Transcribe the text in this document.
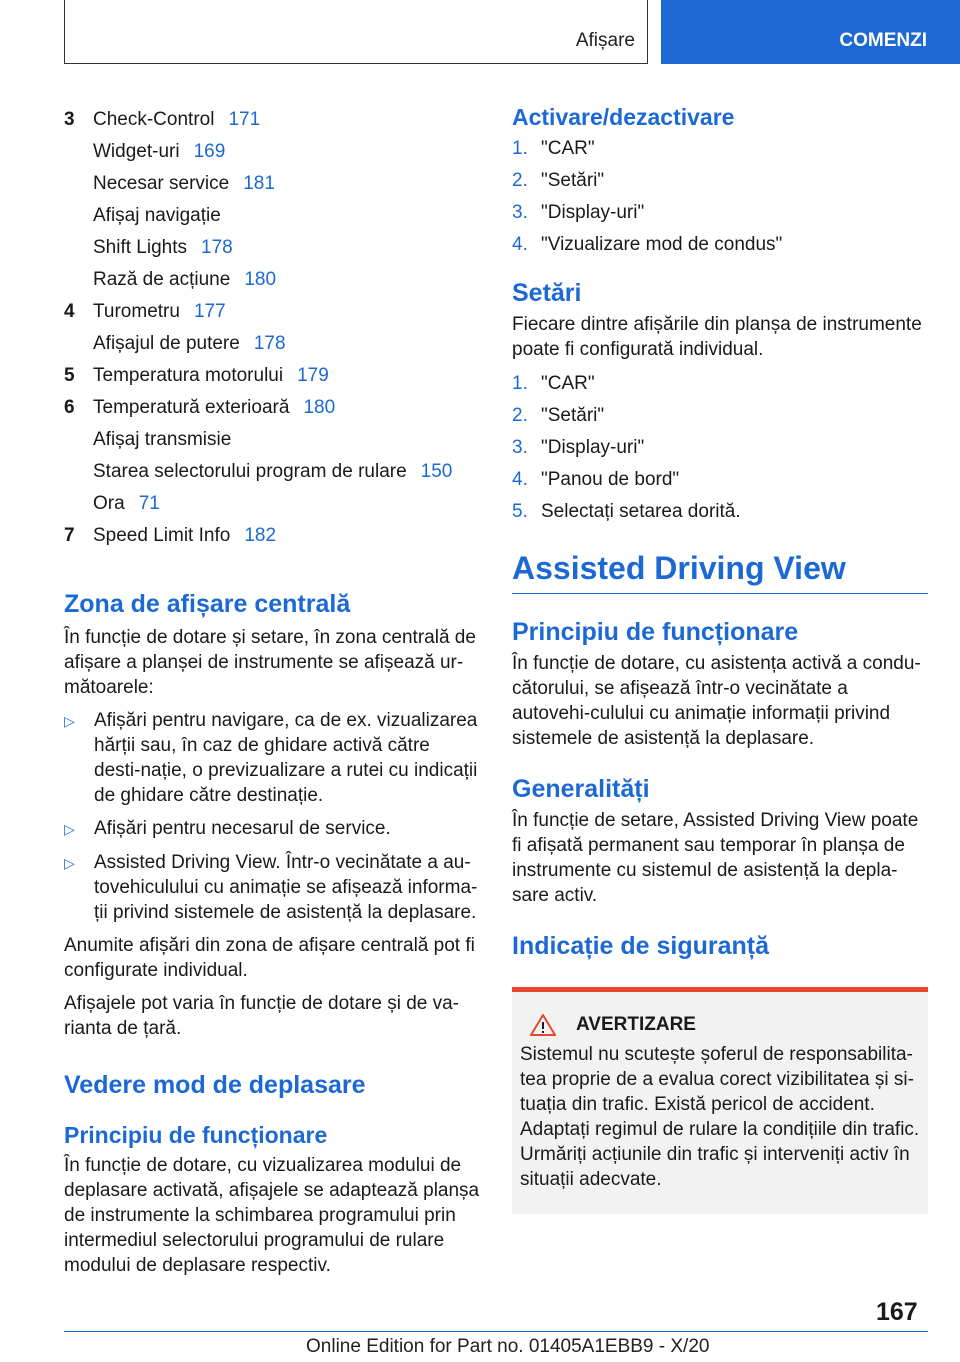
Afișare	COMENZI
3 Check-Control 171
Widget-uri 169
Necesar service 181
Afișaj navigație
Shift Lights 178
Rază de acțiune 180
4 Turometru 177
Afișajul de putere 178
5 Temperatura motorului 179
6 Temperatură exterioară 180
Afișaj transmisie
Starea selectorului program de rulare 150
Ora 71
7 Speed Limit Info 182
Zona de afișare centrală

În funcție de dotare și setare, în zona centrală de afișare a planșei de instrumente se afișează ur-mătoarele:

▷	Afișări pentru navigare, ca de ex. vizualizarea hărții sau, în caz de ghidare activă către desti-nație, o previzualizare a rutei cu indicații de ghidare către destinație.
▷	Afișări pentru necesarul de service.
▷	Assisted Driving View. Într-o vecinătate a au-tovehiculului cu animație se afișează informa-ții privind sistemele de asistență la deplasare.

Anumite afișări din zona de afișare centrală pot fi configurate individual.

Afișajele pot varia în funcție de dotare și de va-rianta de țară.

Vedere mod de deplasare
Principiu de funcționare

În funcție de dotare, cu vizualizarea modului de deplasare activată, afișajele se adaptează planșa de instrumente la schimbarea programului prin intermediul selectorului programului de rulare modului de deplasare respectiv.

Activare/dezactivare
1. "CAR"
2. "Setări"
3. "Display-uri"
4. "Vizualizare mod de condus"
Setări

Fiecare dintre afișările din planșa de instrumente poate fi configurată individual.

1. "CAR"
2. "Setări"
3. "Display-uri"
4. "Panou de bord"
5. Selectați setarea dorită.
Assisted Driving View
Principiu de funcționare

În funcție de dotare, cu asistența activă a condu-cătorului, se afișează într-o vecinătate a autovehi-culului cu animație informații privind sistemele de asistență la deplasare.

Generalități

În funcție de setare, Assisted Driving View poate fi afișată permanent sau temporar în planșa de instrumente cu sistemul de asistență la depla-sare activ.

Indicație de siguranță
AVERTIZARE

Sistemul nu scutește șoferul de responsabilita-tea proprie de a evalua corect vizibilitatea și si-tuația din trafic. Există pericol de accident. Adaptați regimul de rulare la condițiile din trafic. Urmăriți acțiunile din trafic și interveniți activ în situații adecvate.

167
Online Edition for Part no. 01405A1EBB9 - X/20
